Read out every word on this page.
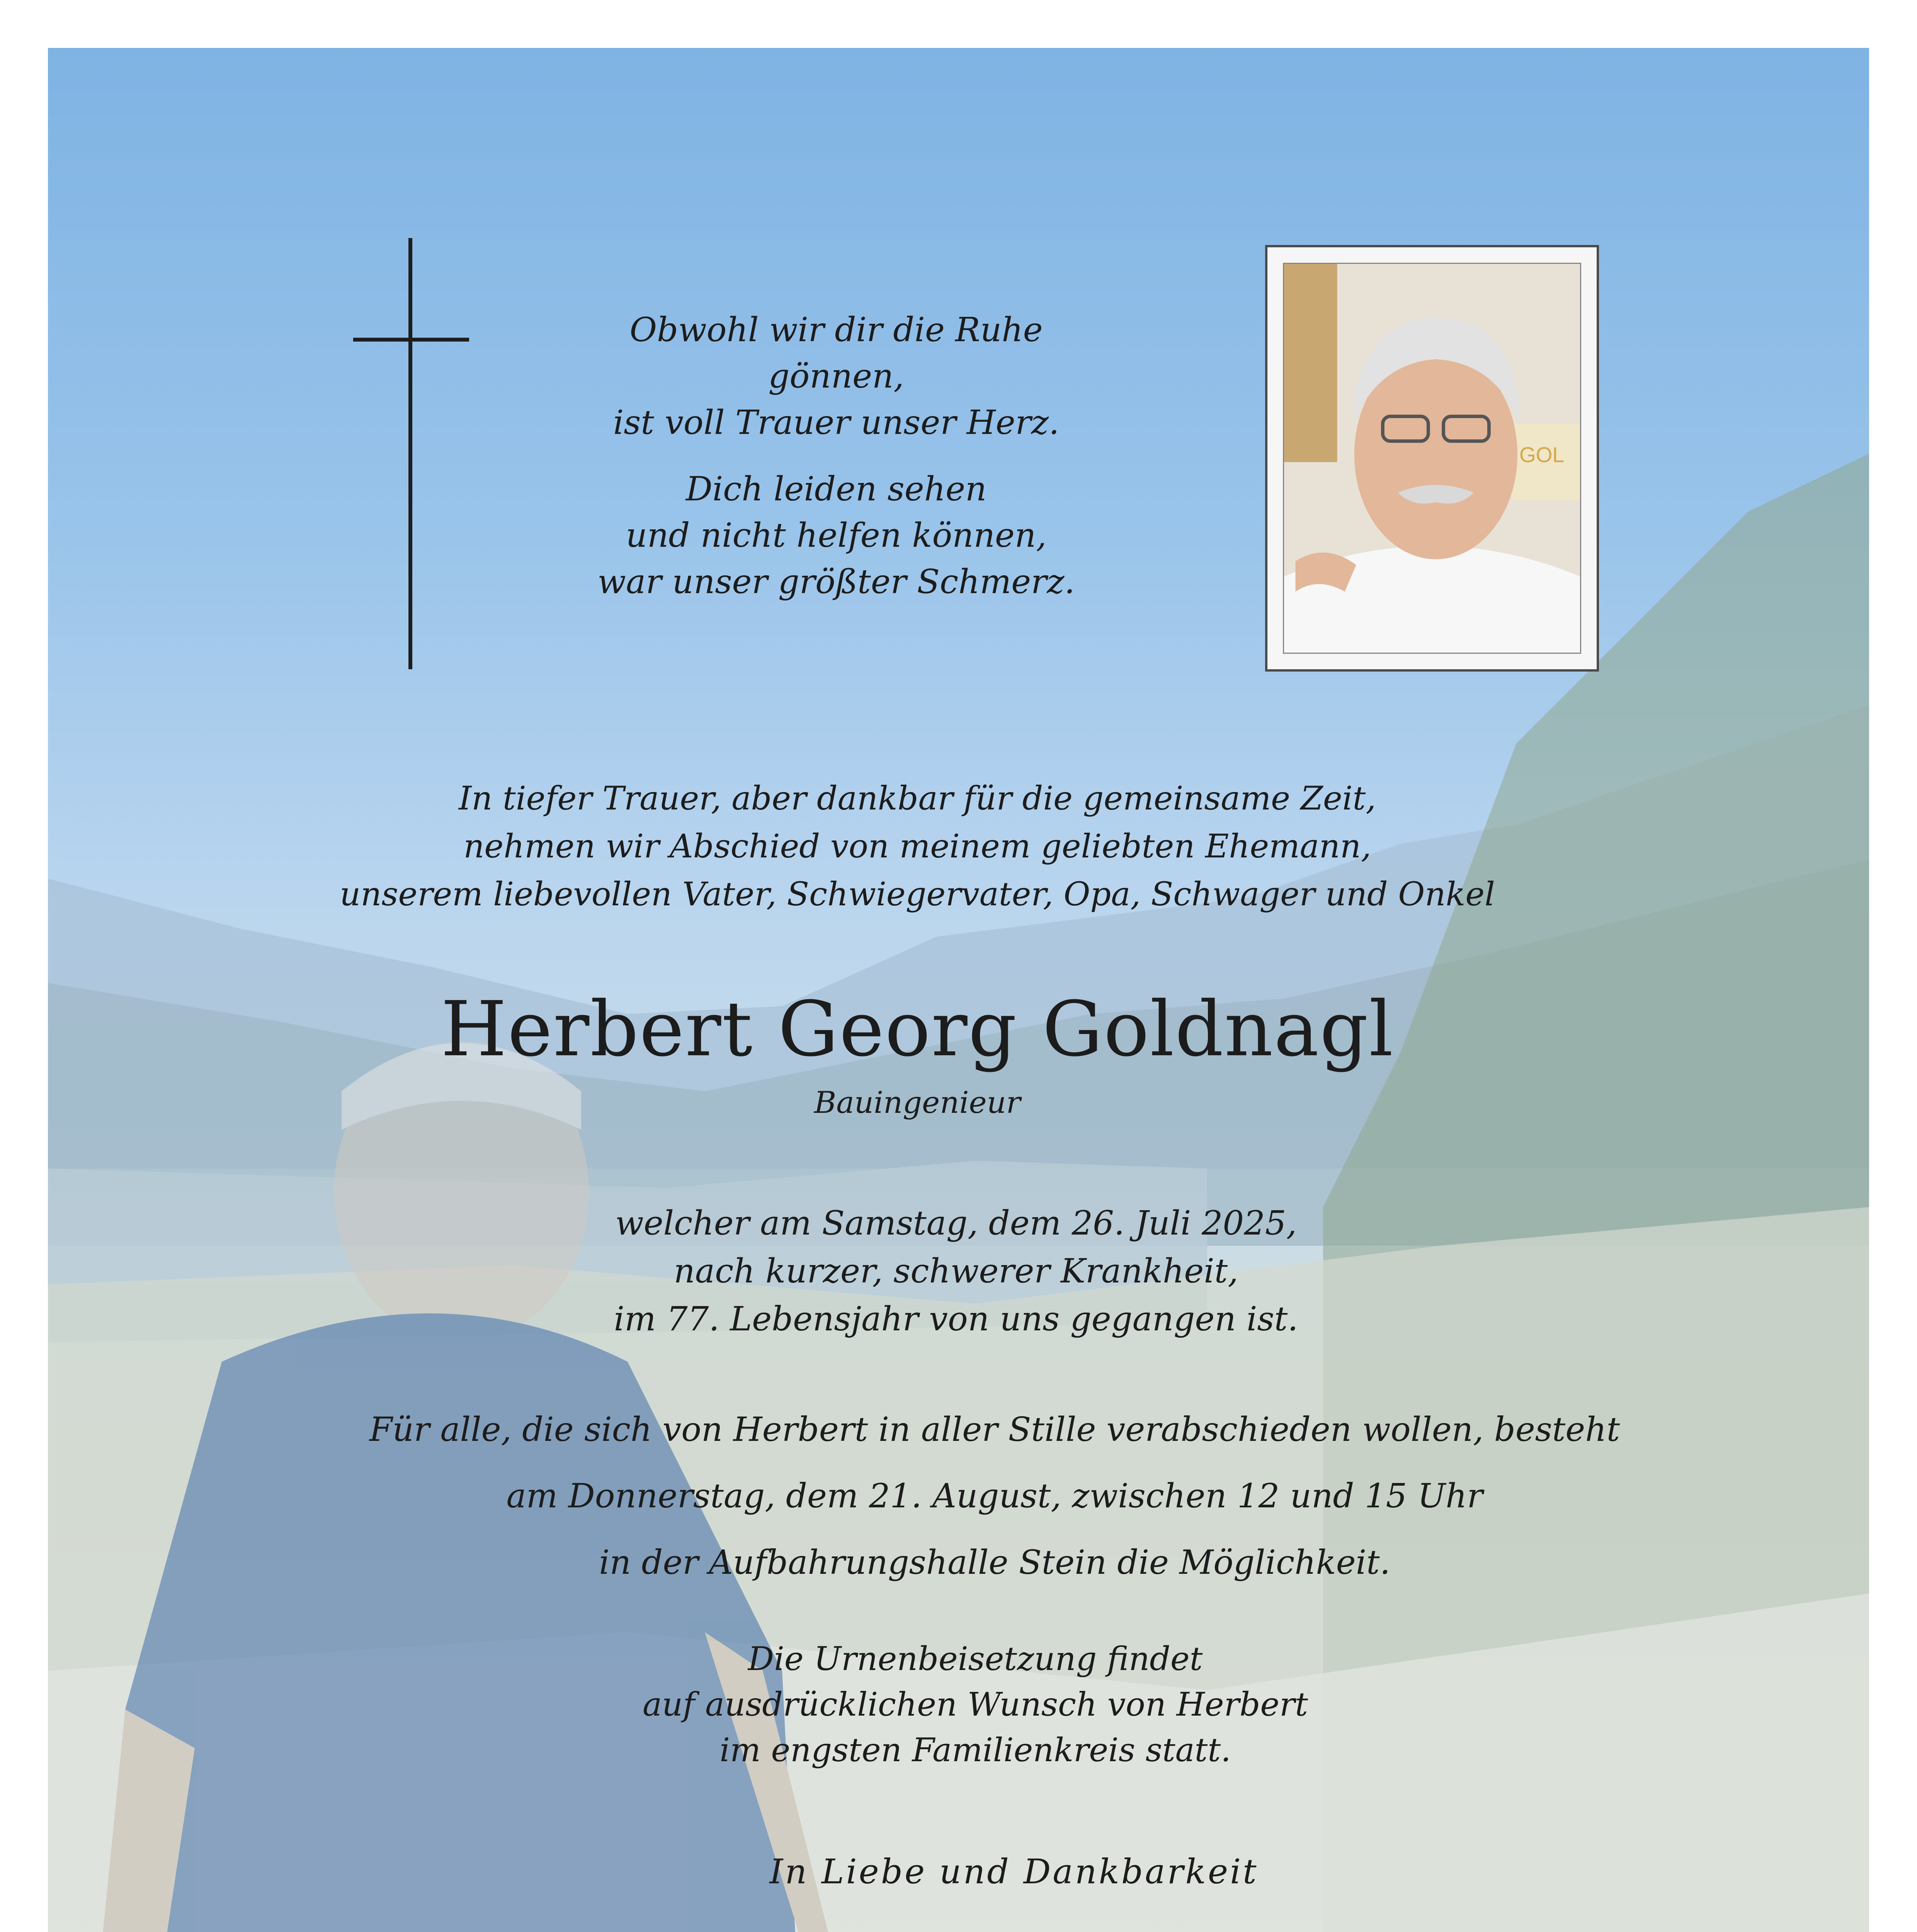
Obwohl wir dir die Ruhe gönnen,
ist voll Trauer unser Herz.

Dich leiden sehen
und nicht helfen können,
war unser größter Schmerz.

GOL
In tiefer Trauer, aber dankbar für die gemeinsame Zeit,
nehmen wir Abschied von meinem geliebten Ehemann,
unserem liebevollen Vater, Schwiegervater, Opa, Schwager und Onkel
Herbert Georg Goldnagl
Bauingenieur
welcher am Samstag, dem 26. Juli 2025,
nach kurzer, schwerer Krankheit,
im 77. Lebensjahr von uns gegangen ist.
Für alle, die sich von Herbert in aller Stille verabschieden wollen, besteht
am Donnerstag, dem 21. August, zwischen 12 und 15 Uhr
in der Aufbahrungshalle Stein die Möglichkeit.
Die Urnenbeisetzung findet
auf ausdrücklichen Wunsch von Herbert
im engsten Familienkreis statt.
In Liebe und Dankbarkeit
